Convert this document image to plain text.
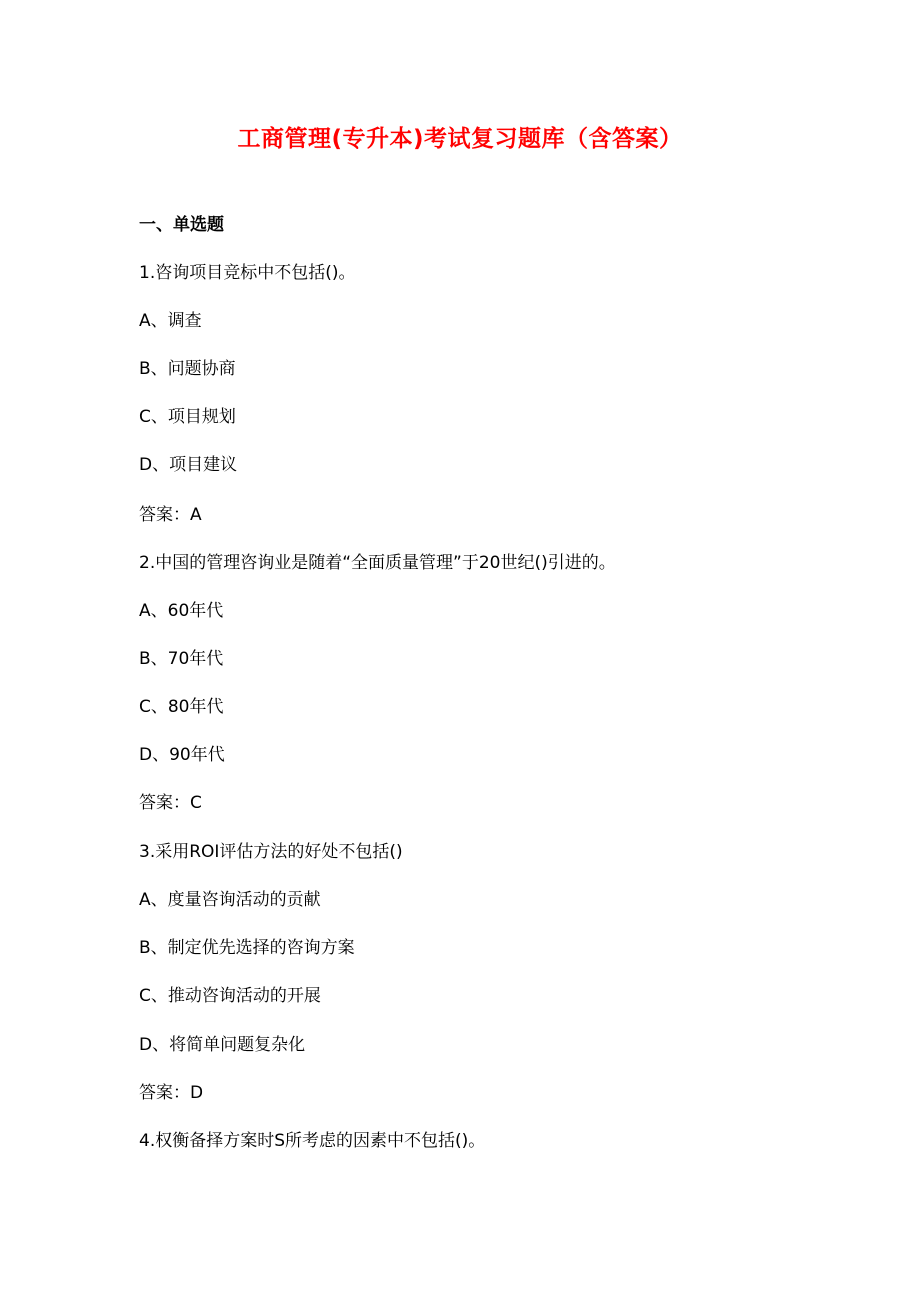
工商管理(专升本)考试复习题库（含答案）
一、单选题
1.咨询项目竞标中不包括()。
A、调查
B、问题协商
C、项目规划
D、项目建议
答案：A
2.中国的管理咨询业是随着“全面质量管理”于20世纪()引进的。
A、60年代
B、70年代
C、80年代
D、90年代
答案：C
3.采用ROI评估方法的好处不包括()
A、度量咨询活动的贡献
B、制定优先选择的咨询方案
C、推动咨询活动的开展
D、将简单问题复杂化
答案：D
4.权衡备择方案时S所考虑的因素中不包括()。
